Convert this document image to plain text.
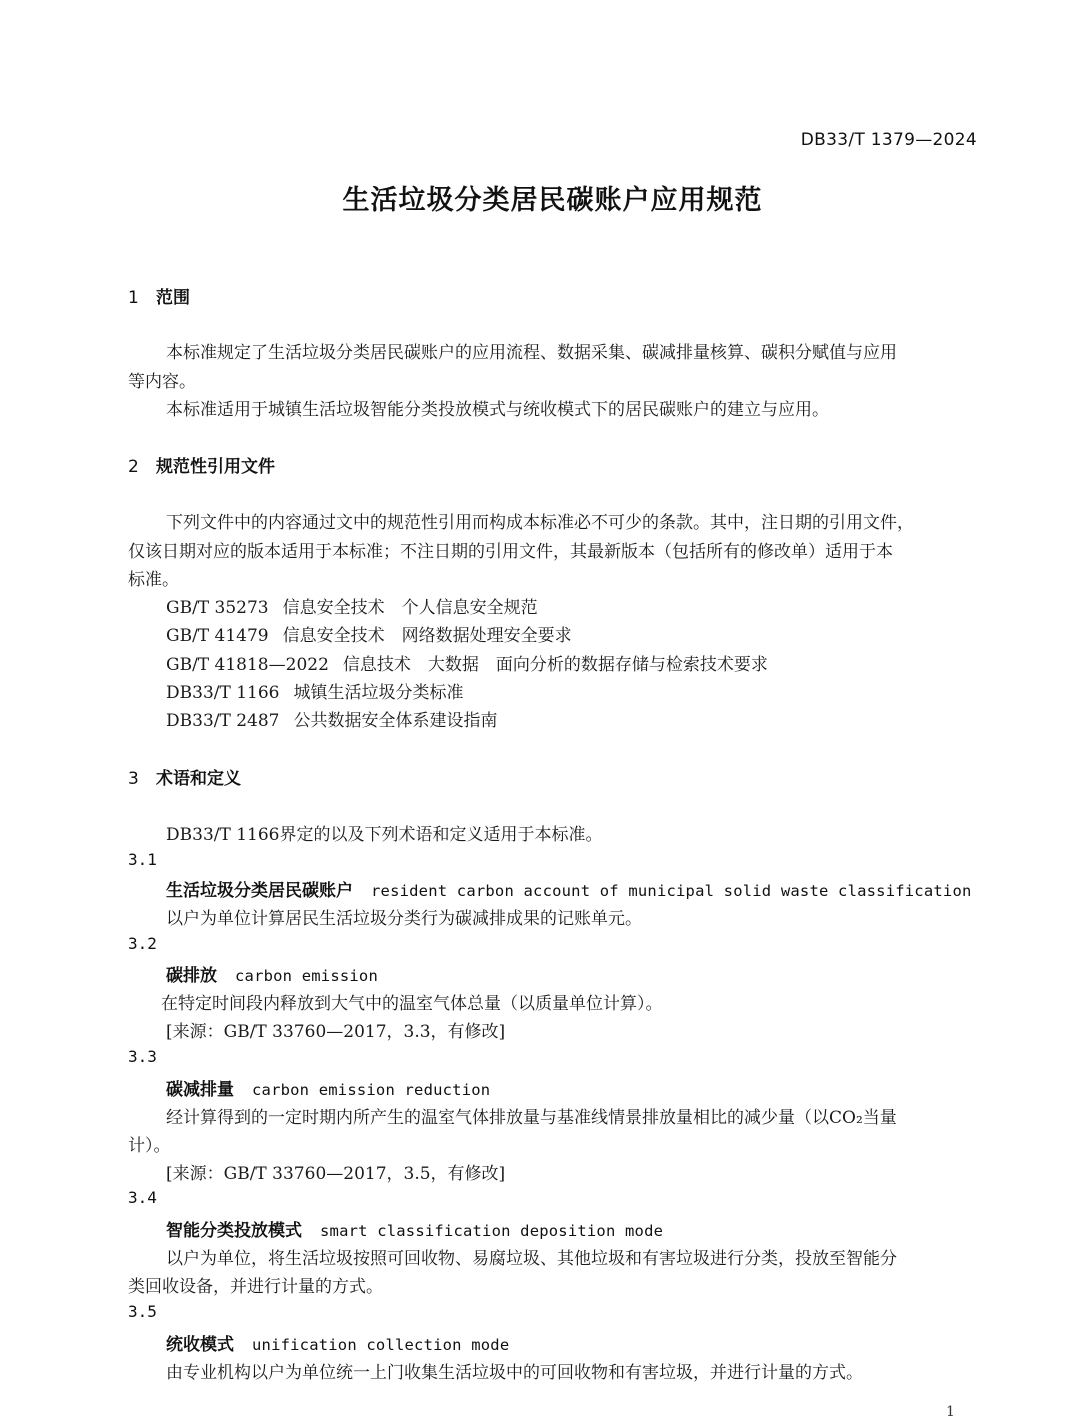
DB33/T 1379—2024
生活垃圾分类居民碳账户应用规范
1 范围
本标准规定了生活垃圾分类居民碳账户的应用流程、数据采集、碳减排量核算、碳积分赋值与应用
等内容。
本标准适用于城镇生活垃圾智能分类投放模式与统收模式下的居民碳账户的建立与应用。
2 规范性引用文件
下列文件中的内容通过文中的规范性引用而构成本标准必不可少的条款。其中，注日期的引用文件，
仅该日期对应的版本适用于本标准；不注日期的引用文件，其最新版本（包括所有的修改单）适用于本
标准。
GB/T 35273 信息安全技术　个人信息安全规范
GB/T 41479 信息安全技术　网络数据处理安全要求
GB/T 41818—2022 信息技术　大数据　面向分析的数据存储与检索技术要求
DB33/T 1166 城镇生活垃圾分类标准
DB33/T 2487 公共数据安全体系建设指南
3 术语和定义
DB33/T 1166界定的以及下列术语和定义适用于本标准。
3.1
生活垃圾分类居民碳账户 resident carbon account of municipal solid waste classification
以户为单位计算居民生活垃圾分类行为碳减排成果的记账单元。
3.2
碳排放 carbon emission
在特定时间段内释放到大气中的温室气体总量（以质量单位计算）。
[来源：GB/T 33760—2017，3.3，有修改]
3.3
碳减排量 carbon emission reduction
经计算得到的一定时期内所产生的温室气体排放量与基准线情景排放量相比的减少量（以CO₂当量
计）。
[来源：GB/T 33760—2017，3.5，有修改]
3.4
智能分类投放模式 smart classification deposition mode
以户为单位，将生活垃圾按照可回收物、易腐垃圾、其他垃圾和有害垃圾进行分类，投放至智能分
类回收设备，并进行计量的方式。
3.5
统收模式 unification collection mode
由专业机构以户为单位统一上门收集生活垃圾中的可回收物和有害垃圾，并进行计量的方式。
1
